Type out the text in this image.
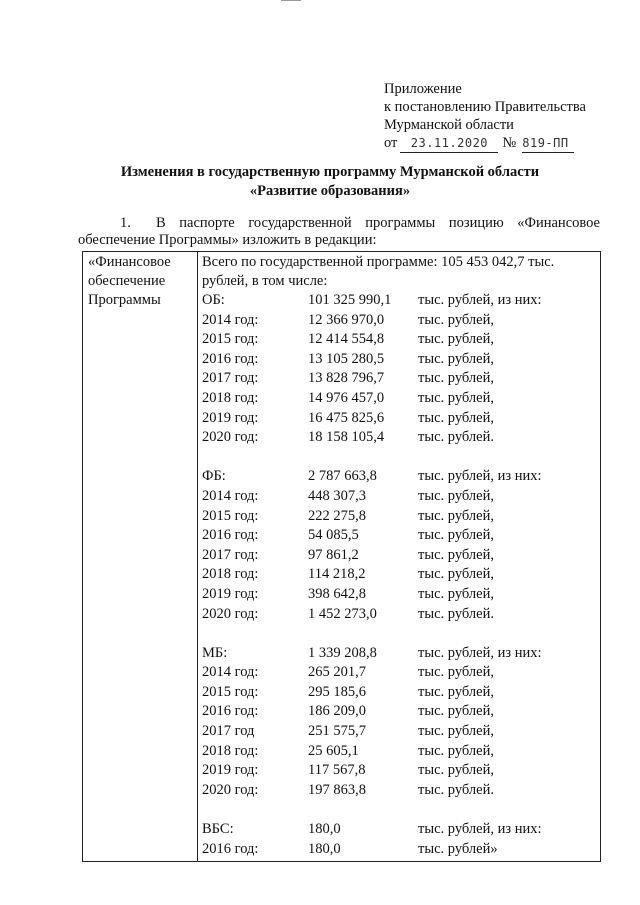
Приложение
к постановлению Правительства
Мурманской области
от 23.11.2020 № 819-ПП
Изменения в государственную программу Мурманской области
«Развитие образования»
1. В паспорте государственной программы позицию «Финансовое обеспечение Программы» изложить в редакции:
«Финансовое
обеспечение
Программы

Всего по государственной программе: 105 453 042,7 тыс. рублей, в том числе:
ОБ:	101 325 990,1	тыс. рублей, из них:
2014 год:	12 366 970,0	тыс. рублей,
2015 год:	12 414 554,8	тыс. рублей,
2016 год:	13 105 280,5	тыс. рублей,
2017 год:	13 828 796,7	тыс. рублей,
2018 год:	14 976 457,0	тыс. рублей,
2019 год:	16 475 825,6	тыс. рублей,
2020 год:	18 158 105,4	тыс. рублей.

ФБ:	2 787 663,8	тыс. рублей, из них:
2014 год:	448 307,3	тыс. рублей,
2015 год:	222 275,8	тыс. рублей,
2016 год:	54 085,5	тыс. рублей,
2017 год:	97 861,2	тыс. рублей,
2018 год:	114 218,2	тыс. рублей,
2019 год:	398 642,8	тыс. рублей,
2020 год:	1 452 273,0	тыс. рублей.

МБ:	1 339 208,8	тыс. рублей, из них:
2014 год:	265 201,7	тыс. рублей,
2015 год:	295 185,6	тыс. рублей,
2016 год:	186 209,0	тыс. рублей,
2017 год	251 575,7	тыс. рублей,
2018 год:	25 605,1	тыс. рублей,
2019 год:	117 567,8	тыс. рублей,
2020 год:	197 863,8	тыс. рублей.

ВБС:	180,0	тыс. рублей, из них:
2016 год:	180,0	тыс. рублей»
